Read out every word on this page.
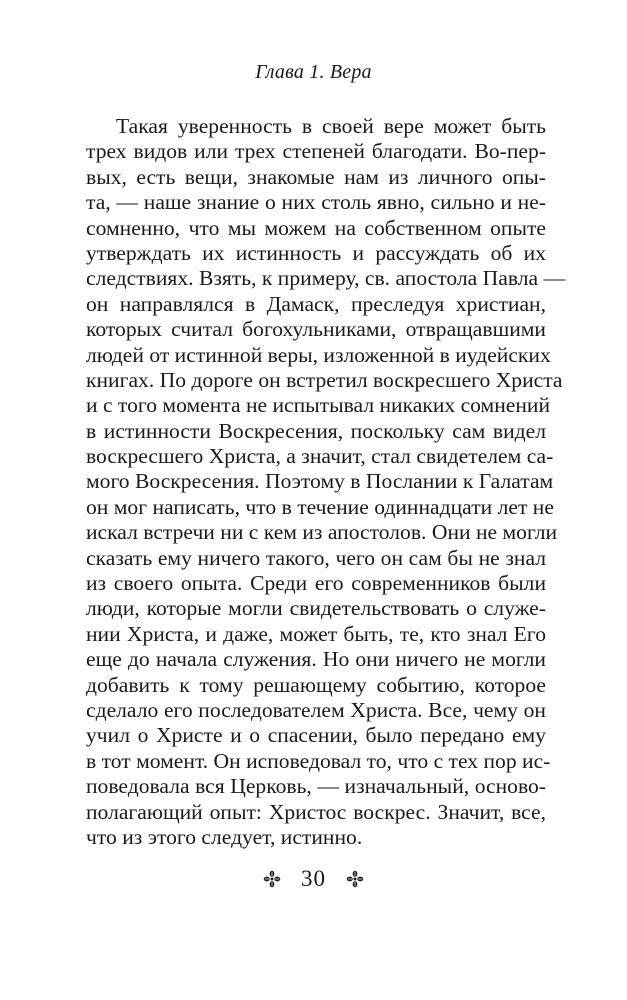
Глава 1. Вера
Такая уверенность в своей вере может быть
трех видов или трех степеней благодати. Во-пер-
вых, есть вещи, знакомые нам из личного опы-
та, — наше знание о них столь явно, сильно и не-
сомненно, что мы можем на собственном опыте
утверждать их истинность и рассуждать об их
следствиях. Взять, к примеру, св. апостола Павла —
он направлялся в Дамаск, преследуя христиан,
которых считал богохульниками, отвращавшими
людей от истинной веры, изложенной в иудейских
книгах. По дороге он встретил воскресшего Христа
и с того момента не испытывал никаких сомнений
в истинности Воскресения, поскольку сам видел
воскресшего Христа, а значит, стал свидетелем са-
мого Воскресения. Поэтому в Послании к Галатам
он мог написать, что в течение одиннадцати лет не
искал встречи ни с кем из апостолов. Они не могли
сказать ему ничего такого, чего он сам бы не знал
из своего опыта. Среди его современников были
люди, которые могли свидетельствовать о служе-
нии Христа, и даже, может быть, те, кто знал Его
еще до начала служения. Но они ничего не могли
добавить к тому решающему событию, которое
сделало его последователем Христа. Все, чему он
учил о Христе и о спасении, было передано ему
в тот момент. Он исповедовал то, что с тех пор ис-
поведовала вся Церковь, — изначальный, осново-
полагающий опыт: Христос воскрес. Значит, все,
что из этого следует, истинно.
30
